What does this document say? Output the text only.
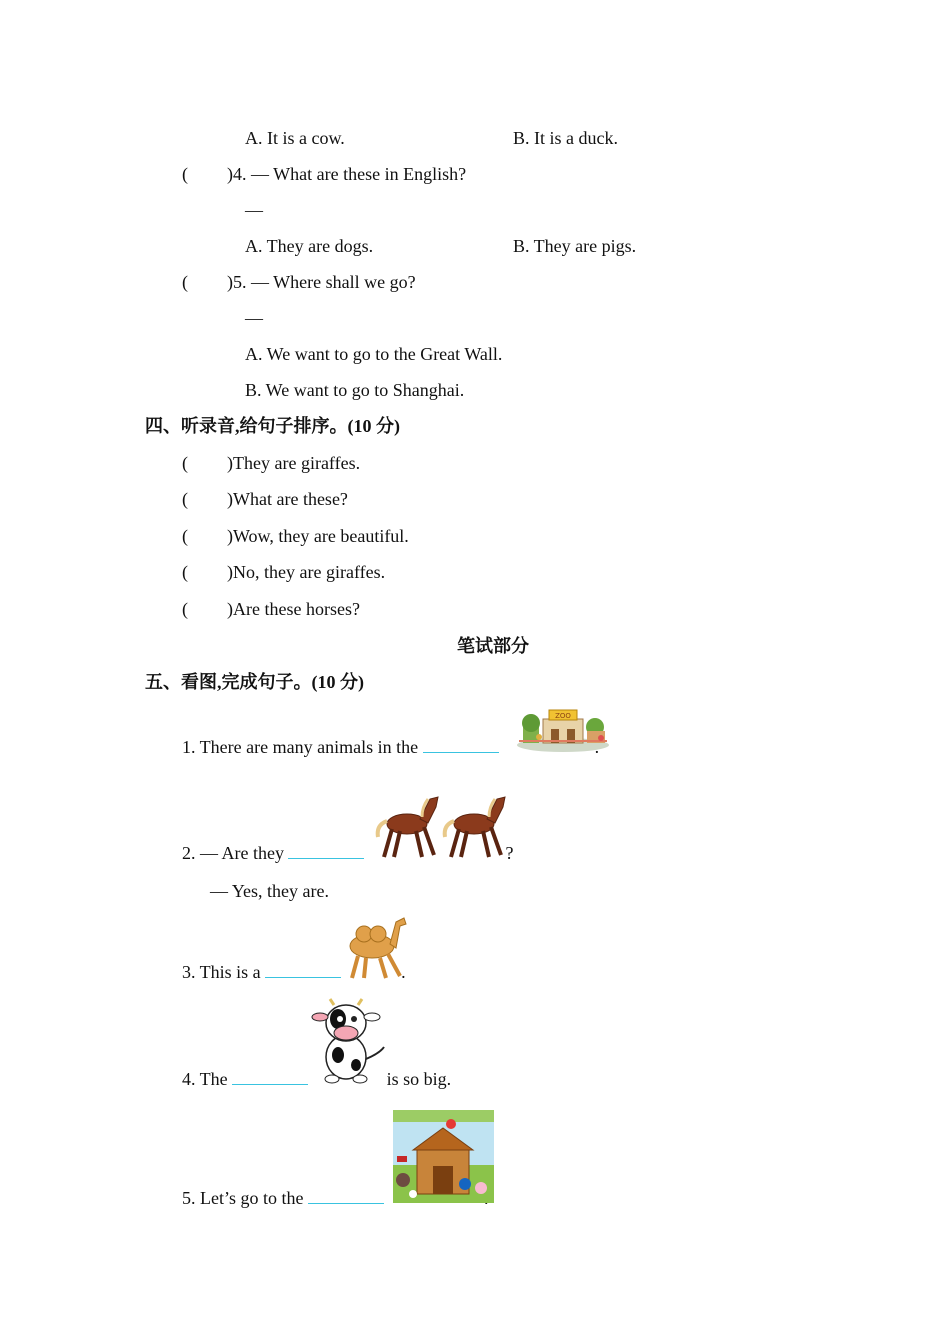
A. It is a cow.	B. It is a duck.
( )4. — What are these in English?
—
A. They are dogs.	B. They are pigs.
( )5. — Where shall we go?
—
A. We want to go to the Great Wall.
B. We want to go to Shanghai.
四、听录音,给句子排序。(10 分)
( )They are giraffes.
( )What are these?
( )Wow, they are beautiful.
( )No, they are giraffes.
( )Are these horses?
笔试部分
五、看图,完成句子。(10 分)
1. There are many animals in the
ZOO
2. — Are they	?
— Yes, they are.
3. This is a	.
4. The	is so big.
5. Let’s go to the
